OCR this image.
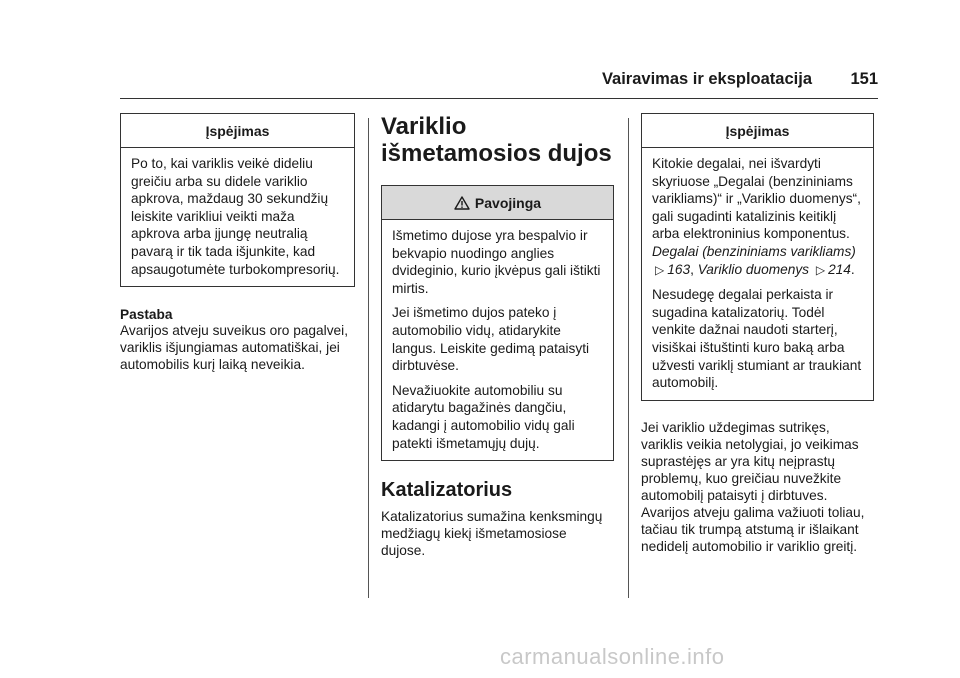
Vairavimas ir eksploatacija 151
Įspėjimas

Po to, kai variklis veikė dideliu greičiu arba su didele variklio apkrova, maždaug 30 sekundžių leiskite varikliui veikti maža apkrova arba įjungę neutralią pavarą ir tik tada išjunkite, kad apsaugotumėte turbokompresorių.

Pastaba
Avarijos atveju suveikus oro pagalvei, variklis išjungiamas automatiškai, jei automobilis kurį laiką neveikia.
Variklio išmetamosios dujos
Pavojinga

Išmetimo dujose yra bespalvio ir bekvapio nuodingo anglies dvideginio, kurio įkvėpus gali ištikti mirtis.

Jei išmetimo dujos pateko į automobilio vidų, atidarykite langus. Leiskite gedimą pataisyti dirbtuvėse.

Nevažiuokite automobiliu su atidarytu bagažinės dangčiu, kadangi į automobilio vidų gali patekti išmetamųjų dujų.

Katalizatorius
Katalizatorius sumažina kenksmingų medžiagų kiekį išmetamosiose dujose.
Įspėjimas

Kitokie degalai, nei išvardyti skyriuose „Degalai (benzininiams varikliams)“ ir „Variklio duomenys“, gali sugadinti katalizinis keitiklį arba elektroninius komponentus.
Degalai (benzininiams varikliams)
▷ 163, Variklio duomenys ▷ 214.

Nesudegę degalai perkaista ir sugadina katalizatorių. Todėl venkite dažnai naudoti starterį, visiškai ištuštinti kuro baką arba užvesti variklį stumiant ar traukiant automobilį.

Jei variklio uždegimas sutrikęs, variklis veikia netolygiai, jo veikimas suprastėjęs ar yra kitų neįprastų problemų, kuo greičiau nuvežkite automobilį pataisyti į dirbtuves. Avarijos atveju galima važiuoti toliau, tačiau tik trumpą atstumą ir išlaikant nedidelį automobilio ir variklio greitį.
carmanualsonline.info
